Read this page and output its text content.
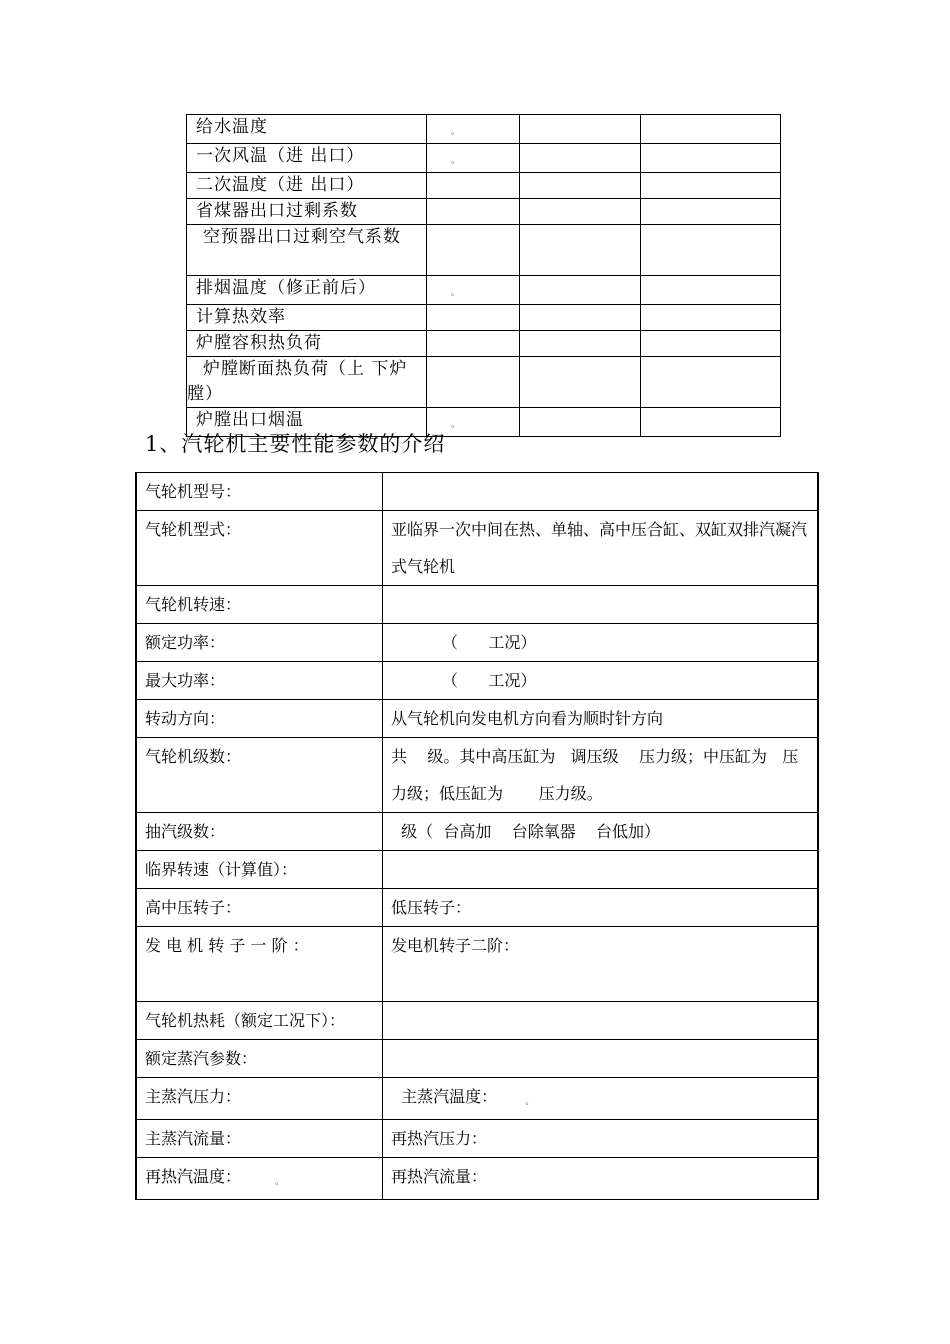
给水温度	。		
一次风温（进 出口）	。		
二次温度（进 出口）			
省煤器出口过剩系数			

空预器出口过剩空气系数			

排烟温度（修正前后）	。		
计算热效率			
炉膛容积热负荷			

炉膛断面热负荷（上 下炉膛）			

炉膛出口烟温	。		
1、汽轮机主要性能参数的介绍
气轮机型号：	
气轮机型式：	亚临界一次中间在热、单轴、高中压合缸、双缸双排汽凝汽式气轮机
气轮机转速：	
额定功率：	（      工况）
最大功率：	（      工况）
转动方向：	从气轮机向发电机方向看为顺时针方向
气轮机级数：	共    级。其中高压缸为   调压级    压力级；中压缸为   压力级；低压缸为       压力级。
抽汽级数：	级（  台高加    台除氧器    台低加）
临界转速（计算值）：	
高中压转子：	低压转子：
发 电 机 转 子 一 阶 ：	发电机转子二阶：
气轮机热耗（额定工况下）：	
额定蒸汽参数：	
主蒸汽压力：	主蒸汽温度： 。
主蒸汽流量：	再热汽压力：
再热汽温度： 。	再热汽流量：
